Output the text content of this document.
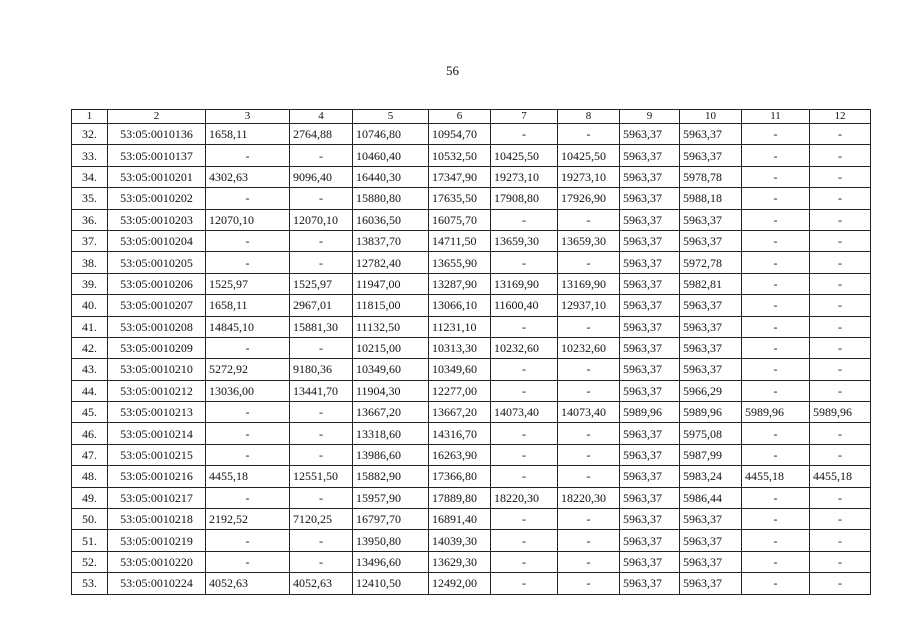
56
1	2	3	4	5	6	7	8	9	10	11	12
32.	53:05:0010136	1658,11	2764,88	10746,80	10954,70	-	-	5963,37	5963,37	-	-
33.	53:05:0010137	-	-	10460,40	10532,50	10425,50	10425,50	5963,37	5963,37	-	-
34.	53:05:0010201	4302,63	9096,40	16440,30	17347,90	19273,10	19273,10	5963,37	5978,78	-	-
35.	53:05:0010202	-	-	15880,80	17635,50	17908,80	17926,90	5963,37	5988,18	-	-
36.	53:05:0010203	12070,10	12070,10	16036,50	16075,70	-	-	5963,37	5963,37	-	-
37.	53:05:0010204	-	-	13837,70	14711,50	13659,30	13659,30	5963,37	5963,37	-	-
38.	53:05:0010205	-	-	12782,40	13655,90	-	-	5963,37	5972,78	-	-
39.	53:05:0010206	1525,97	1525,97	11947,00	13287,90	13169,90	13169,90	5963,37	5982,81	-	-
40.	53:05:0010207	1658,11	2967,01	11815,00	13066,10	11600,40	12937,10	5963,37	5963,37	-	-
41.	53:05:0010208	14845,10	15881,30	11132,50	11231,10	-	-	5963,37	5963,37	-	-
42.	53:05:0010209	-	-	10215,00	10313,30	10232,60	10232,60	5963,37	5963,37	-	-
43.	53:05:0010210	5272,92	9180,36	10349,60	10349,60	-	-	5963,37	5963,37	-	-
44.	53:05:0010212	13036,00	13441,70	11904,30	12277,00	-	-	5963,37	5966,29	-	-
45.	53:05:0010213	-	-	13667,20	13667,20	14073,40	14073,40	5989,96	5989,96	5989,96	5989,96
46.	53:05:0010214	-	-	13318,60	14316,70	-	-	5963,37	5975,08	-	-
47.	53:05:0010215	-	-	13986,60	16263,90	-	-	5963,37	5987,99	-	-
48.	53:05:0010216	4455,18	12551,50	15882,90	17366,80	-	-	5963,37	5983,24	4455,18	4455,18
49.	53:05:0010217	-	-	15957,90	17889,80	18220,30	18220,30	5963,37	5986,44	-	-
50.	53:05:0010218	2192,52	7120,25	16797,70	16891,40	-	-	5963,37	5963,37	-	-
51.	53:05:0010219	-	-	13950,80	14039,30	-	-	5963,37	5963,37	-	-
52.	53:05:0010220	-	-	13496,60	13629,30	-	-	5963,37	5963,37	-	-
53.	53:05:0010224	4052,63	4052,63	12410,50	12492,00	-	-	5963,37	5963,37	-	-
